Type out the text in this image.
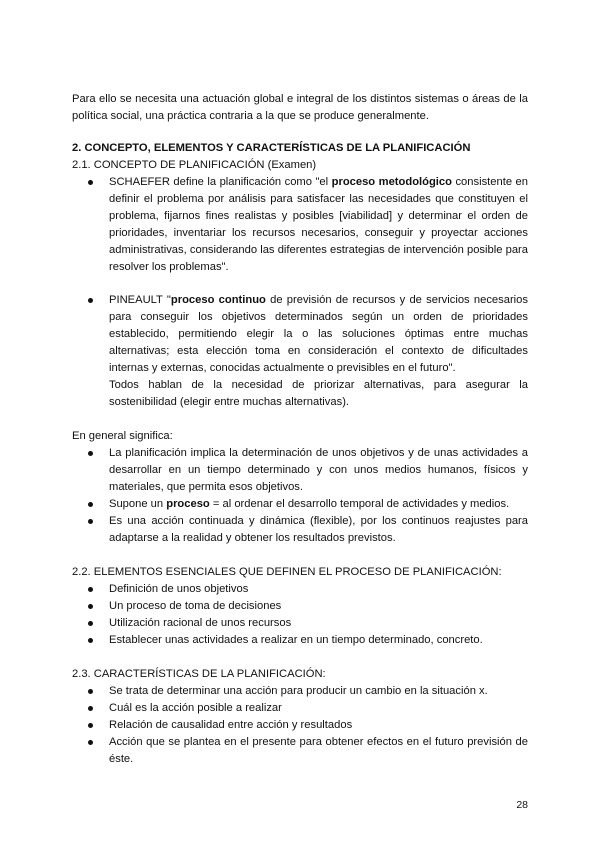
Para ello se necesita una actuación global e integral de los distintos sistemas o áreas de la política social, una práctica contraria a la que se produce generalmente.
2. CONCEPTO, ELEMENTOS Y CARACTERÍSTICAS DE LA PLANIFICACIÓN
2.1. CONCEPTO DE PLANIFICACIÓN (Examen)
SCHAEFER define la planificación como "el proceso metodológico consistente en definir el problema por análisis para satisfacer las necesidades que constituyen el problema, fijarnos fines realistas y posibles [viabilidad] y determinar el orden de prioridades, inventariar los recursos necesarios, conseguir y proyectar acciones administrativas, considerando las diferentes estrategias de intervención posible para resolver los problemas".
PINEAULT "proceso continuo de previsión de recursos y de servicios necesarios para conseguir los objetivos determinados según un orden de prioridades establecido, permitiendo elegir la o las soluciones óptimas entre muchas alternativas; esta elección toma en consideración el contexto de dificultades internas y externas, conocidas actualmente o previsibles en el futuro".
Todos hablan de la necesidad de priorizar alternativas, para asegurar la sostenibilidad (elegir entre muchas alternativas).
En general significa:
La planificación implica la determinación de unos objetivos y de unas actividades a desarrollar en un tiempo determinado y con unos medios humanos, físicos y materiales, que permita esos objetivos.
Supone un proceso = al ordenar el desarrollo temporal de actividades y medios.
Es una acción continuada y dinámica (flexible), por los continuos reajustes para adaptarse a la realidad y obtener los resultados previstos.
2.2. ELEMENTOS ESENCIALES QUE DEFINEN EL PROCESO DE PLANIFICACIÓN:
Definición de unos objetivos
Un proceso de toma de decisiones
Utilización racional de unos recursos
Establecer unas actividades a realizar en un tiempo determinado, concreto.
2.3. CARACTERÍSTICAS DE LA PLANIFICACIÓN:
Se trata de determinar una acción para producir un cambio en la situación x.
Cuál es la acción posible a realizar
Relación de causalidad entre acción y resultados
Acción que se plantea en el presente para obtener efectos en el futuro previsión de éste.
28
